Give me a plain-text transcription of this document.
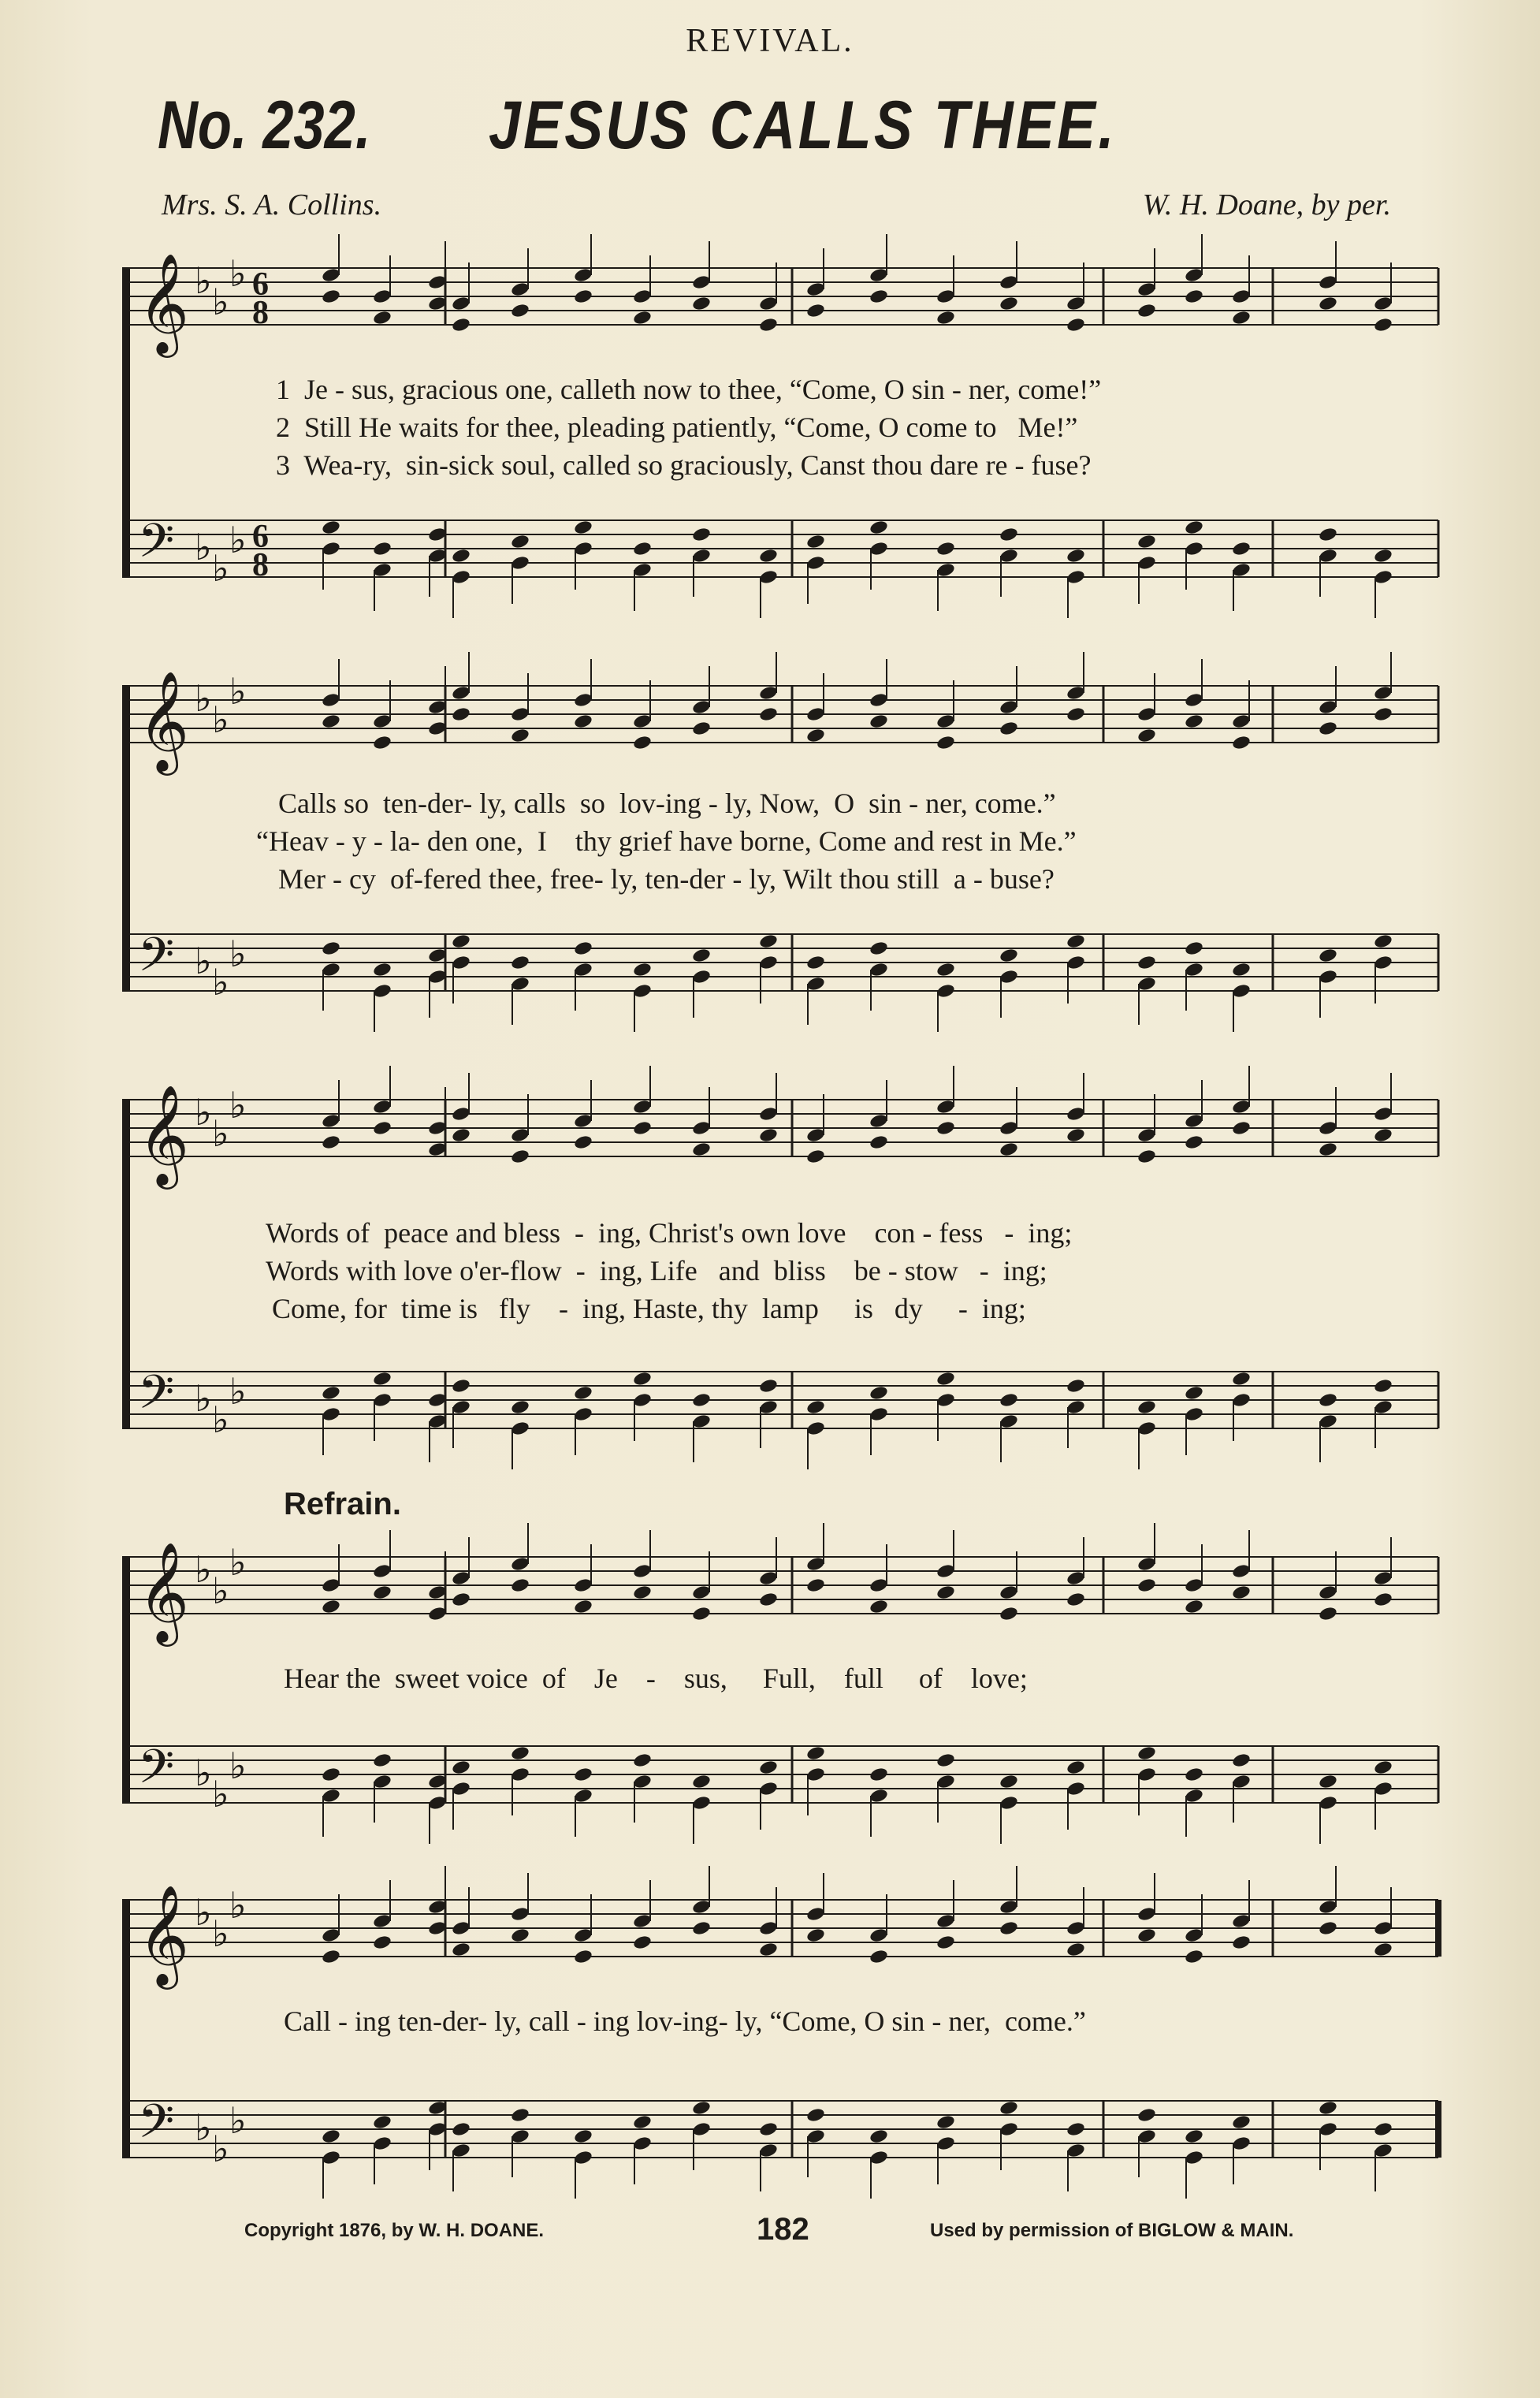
REVIVAL.
No. 232. JESUS CALLS THEE.
Mrs. S. A. Collins.	W. H. Doane, by per.
𝄞 ♭ ♭
♭ 6
8
𝄢 ♭ ♭
♭ 6
8
1  Je - sus, gracious one, calleth now to thee, “Come, O sin - ner, come!”
2  Still He waits for thee, pleading patiently, “Come, O come to   Me!”
3  Wea-ry,  sin-sick soul, called so graciously, Canst thou dare re - fuse?
𝄞 ♭ ♭
♭
𝄢 ♭ ♭
♭
Calls so  ten-der- ly, calls  so  lov-ing - ly, Now,  O  sin - ner, come.”
“Heav - y - la- den one,  I    thy grief have borne, Come and rest in Me.”
Mer - cy  of-fered thee, free- ly, ten-der - ly, Wilt thou still  a - buse?
𝄞 ♭ ♭
♭
𝄢 ♭ ♭
♭
Words of  peace and bless  -  ing, Christ's own love    con - fess   -  ing;
Words with love o'er-flow  -  ing, Life   and  bliss    be - stow   -  ing;
Come, for  time is   fly    -  ing, Haste, thy  lamp     is   dy     -  ing;
Refrain.
𝄞 ♭ ♭
♭
𝄢 ♭ ♭
♭
Hear the  sweet voice  of    Je    -    sus,     Full,    full     of    love;
𝄞 ♭ ♭
♭
𝄢 ♭ ♭
♭
Call - ing ten-der- ly, call - ing lov-ing- ly, “Come, O sin - ner,  come.”
Copyright 1876, by W. H. DOANE.	182	Used by permission of BIGLOW & MAIN.
